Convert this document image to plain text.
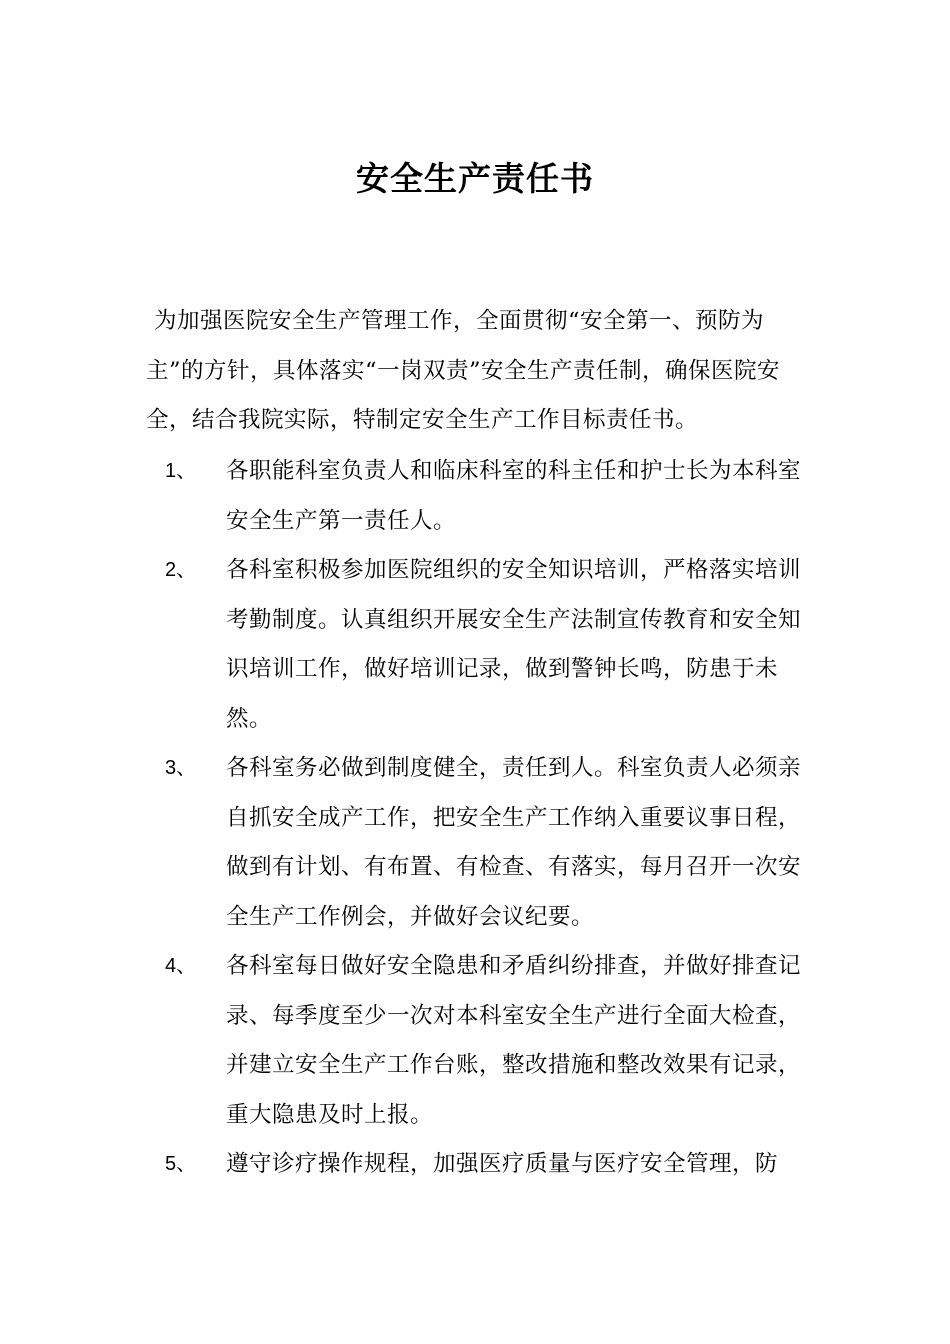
安全生产责任书
为加强医院安全生产管理工作，全面贯彻“安全第一、预防为主”的方针，具体落实“一岗双责”安全生产责任制，确保医院安全，结合我院实际，特制定安全生产工作目标责任书。
1、	各职能科室负责人和临床科室的科主任和护士长为本科室安全生产第一责任人。
2、	各科室积极参加医院组织的安全知识培训，严格落实培训考勤制度。认真组织开展安全生产法制宣传教育和安全知识培训工作，做好培训记录，做到警钟长鸣，防患于未然。
3、	各科室务必做到制度健全，责任到人。科室负责人必须亲自抓安全成产工作，把安全生产工作纳入重要议事日程，做到有计划、有布置、有检查、有落实，每月召开一次安全生产工作例会，并做好会议纪要。
4、	各科室每日做好安全隐患和矛盾纠纷排查，并做好排查记录、每季度至少一次对本科室安全生产进行全面大检查，并建立安全生产工作台账，整改措施和整改效果有记录，重大隐患及时上报。
5、	遵守诊疗操作规程，加强医疗质量与医疗安全管理，防
